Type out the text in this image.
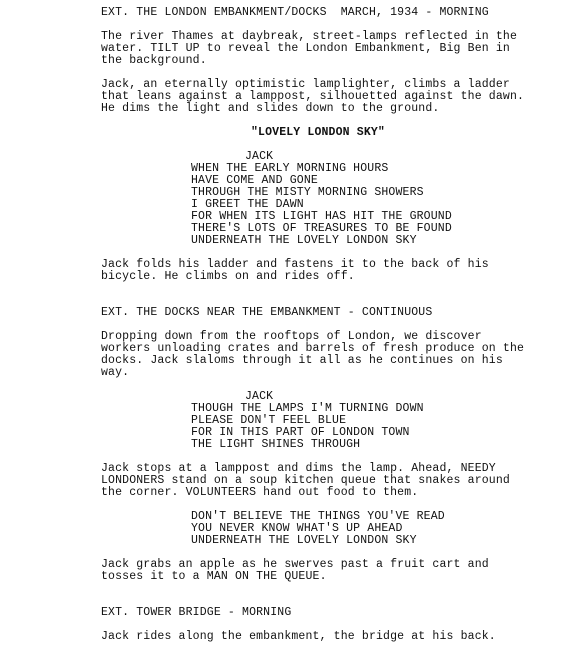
EXT. THE LONDON EMBANKMENT/DOCKS  MARCH, 1934 - MORNING
The river Thames at daybreak, street-lamps reflected in the
water. TILT UP to reveal the London Embankment, Big Ben in
the background.
Jack, an eternally optimistic lamplighter, climbs a ladder
that leans against a lamppost, silhouetted against the dawn.
He dims the light and slides down to the ground.
"LOVELY LONDON SKY"
JACK
WHEN THE EARLY MORNING HOURS
HAVE COME AND GONE
THROUGH THE MISTY MORNING SHOWERS
I GREET THE DAWN
FOR WHEN ITS LIGHT HAS HIT THE GROUND
THERE'S LOTS OF TREASURES TO BE FOUND
UNDERNEATH THE LOVELY LONDON SKY
Jack folds his ladder and fastens it to the back of his
bicycle. He climbs on and rides off.
EXT. THE DOCKS NEAR THE EMBANKMENT - CONTINUOUS
Dropping down from the rooftops of London, we discover
workers unloading crates and barrels of fresh produce on the
docks. Jack slaloms through it all as he continues on his
way.
JACK
THOUGH THE LAMPS I'M TURNING DOWN
PLEASE DON'T FEEL BLUE
FOR IN THIS PART OF LONDON TOWN
THE LIGHT SHINES THROUGH
Jack stops at a lamppost and dims the lamp. Ahead, NEEDY
LONDONERS stand on a soup kitchen queue that snakes around
the corner. VOLUNTEERS hand out food to them.
DON'T BELIEVE THE THINGS YOU'VE READ
YOU NEVER KNOW WHAT'S UP AHEAD
UNDERNEATH THE LOVELY LONDON SKY
Jack grabs an apple as he swerves past a fruit cart and
tosses it to a MAN ON THE QUEUE.
EXT. TOWER BRIDGE - MORNING
Jack rides along the embankment, the bridge at his back.
